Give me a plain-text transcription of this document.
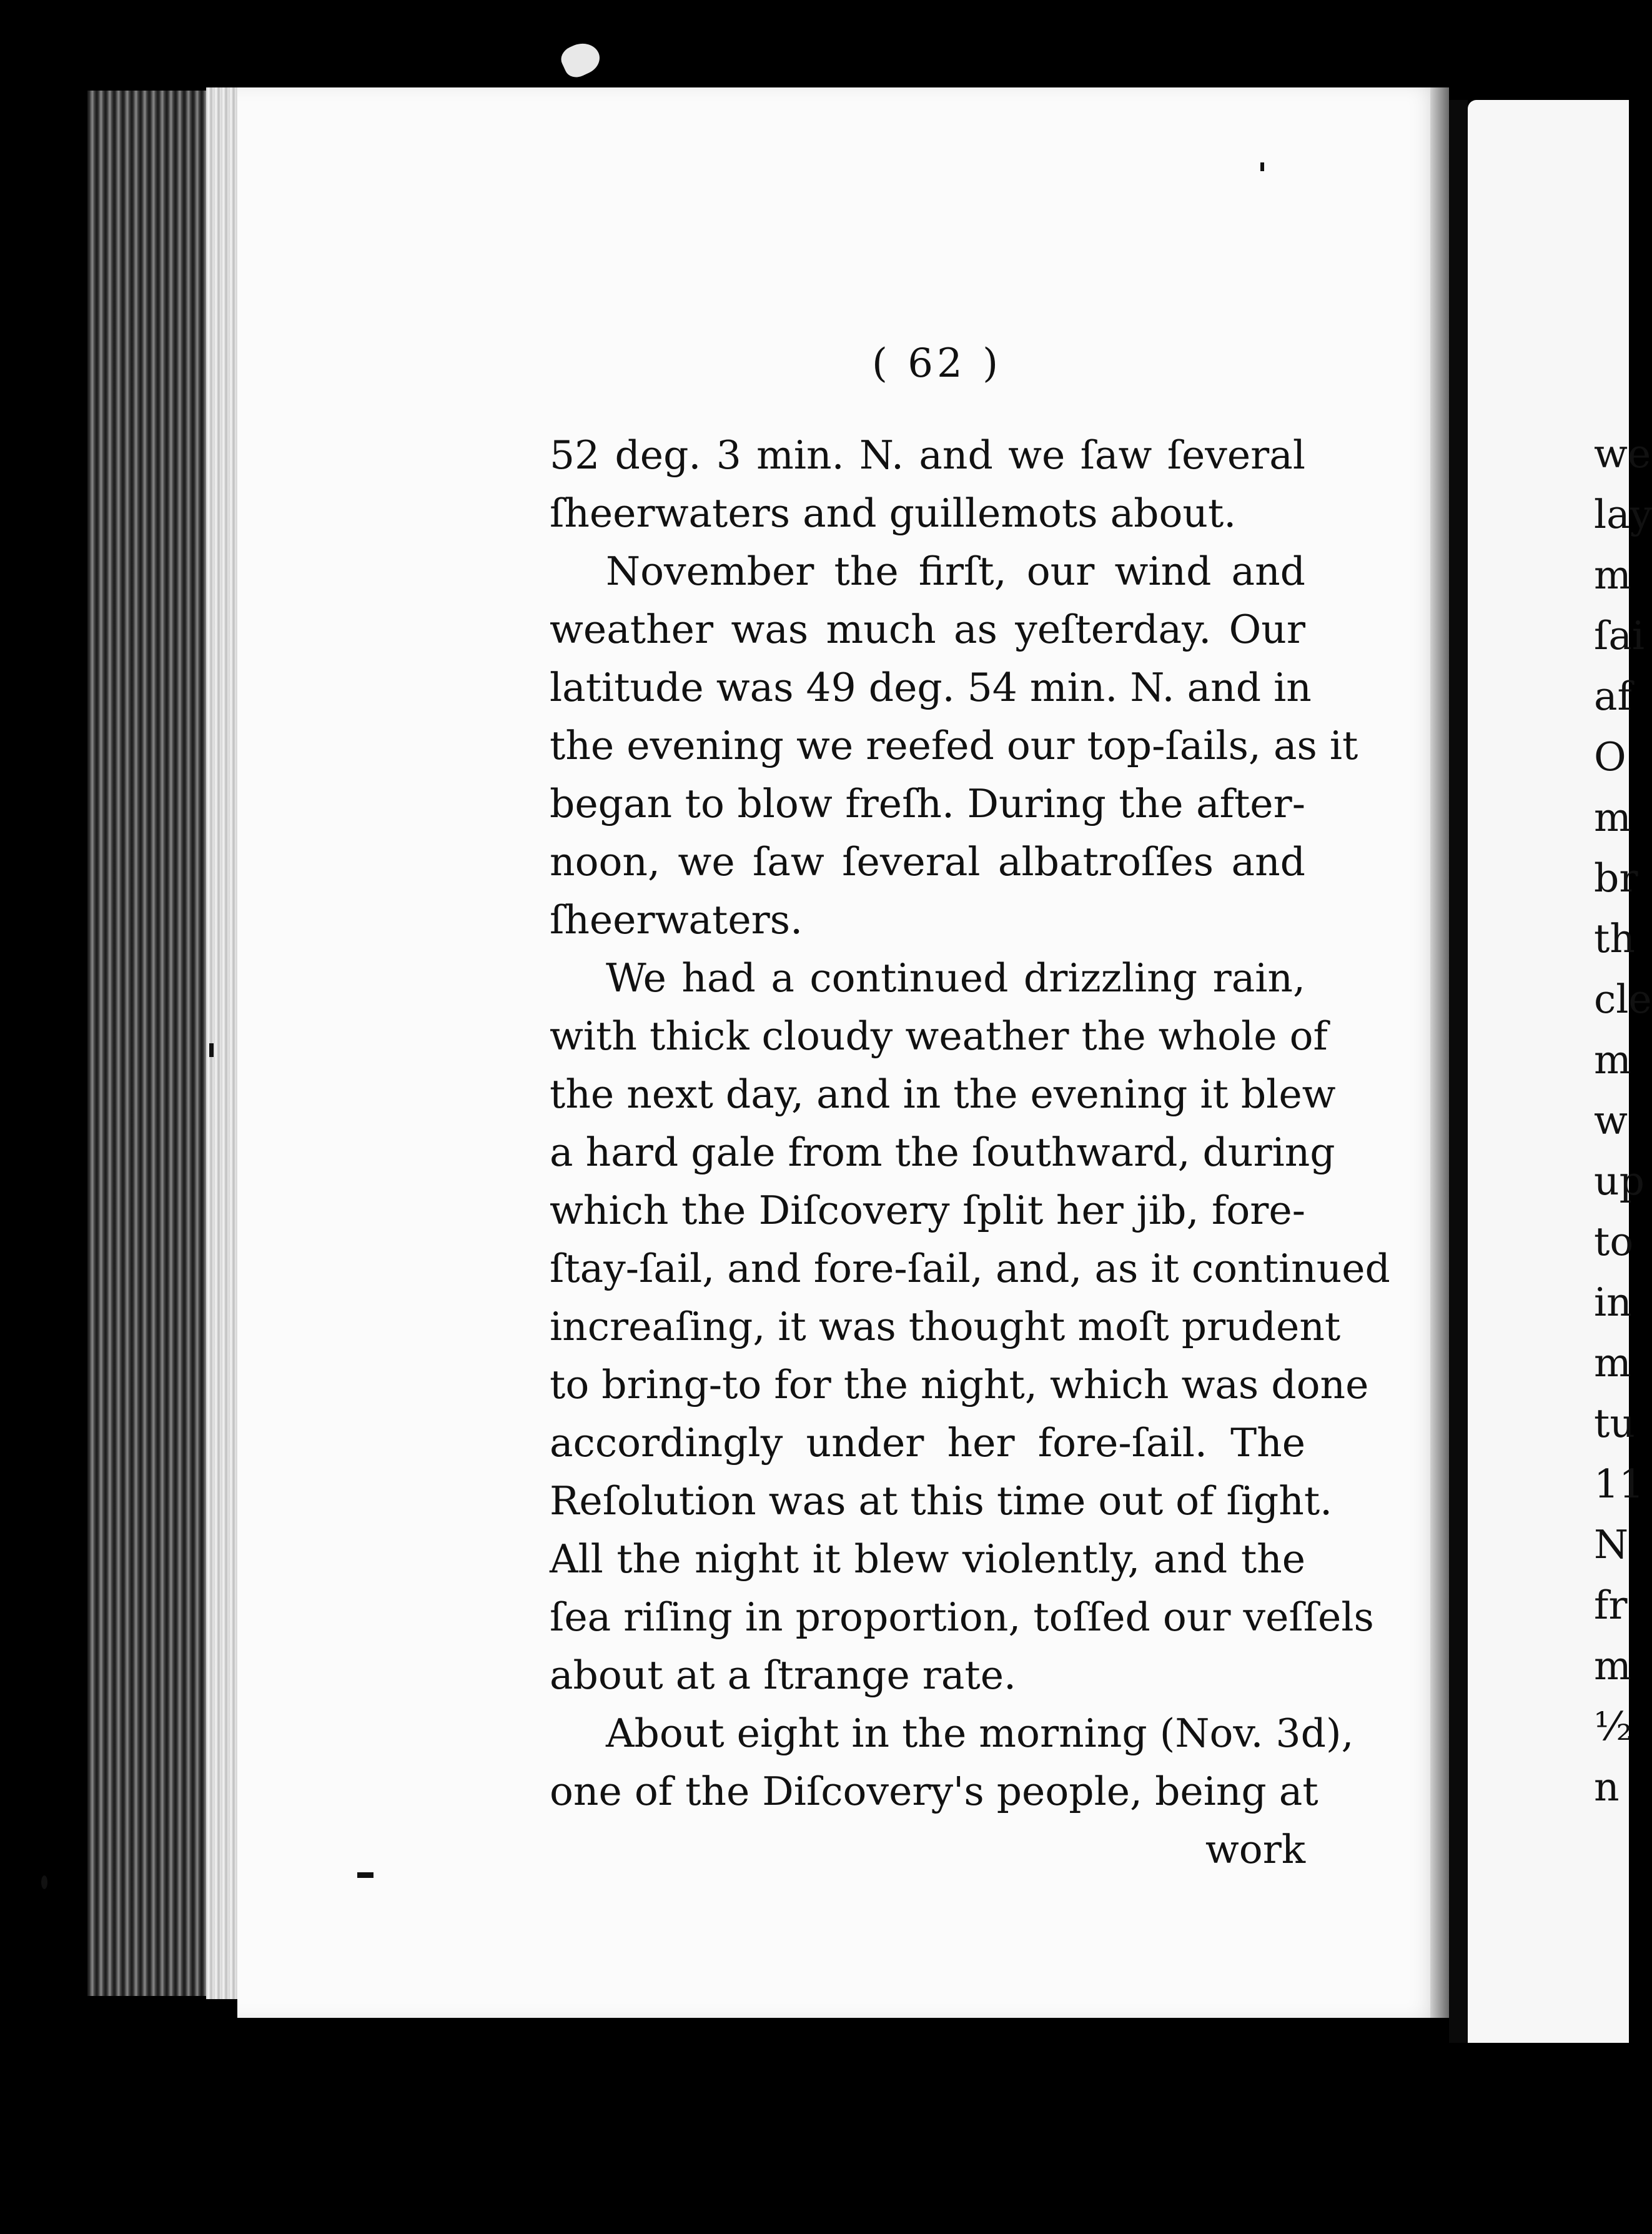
( 62 )
52 deg. 3 min. N. and we ſaw ſeveral
ſheerwaters and guillemots about.
November the firſt, our wind and
weather was much as yeſterday. Our
latitude was 49 deg. 54 min. N. and in
the evening we reefed our top-ſails, as it
began to blow freſh. During the after-
noon, we ſaw ſeveral albatroſſes and
ſheerwaters.
We had a continued drizzling rain,
with thick cloudy weather the whole of
the next day, and in the evening it blew
a hard gale from the ſouthward, during
which the Diſcovery ſplit her jib, fore-
ſtay-ſail, and fore-ſail, and, as it continued
increaſing, it was thought moſt prudent
to bring-to for the night, which was done
accordingly under her fore-ſail. The
Reſolution was at this time out of ſight.
All the night it blew violently, and the
ſea riſing in proportion, toſſed our veſſels
about at a ſtrange rate.
About eight in the morning (Nov. 3d),
one of the Diſcovery's people, being at
work
we
lay
m
ſai
af
O
m
br
th
cle
m
w
up
to
in
m
tu
11
N
fr
m
½
n
